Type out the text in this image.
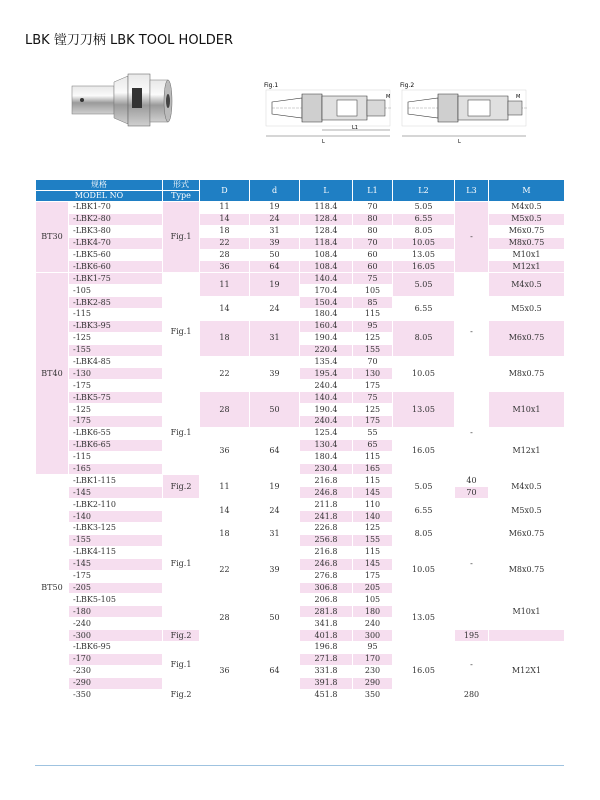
LBK 镗刀刀柄 LBK TOOL HOLDER
Fig.1
L
L1
M
Fig.2
L
M
规格		形式	D	d	L	L1	L2	L3	M
MODEL NO		Type							
BT30	-LBK1-70	Fig.1	11	19	118.4	70	5.05	-	M4x0.5
	-LBK2-80		14	24	128.4	80	6.55		M5x0.5
	-LBK3-80		18	31	128.4	80	8.05		M6x0.75
	-LBK4-70		22	39	118.4	70	10.05		M8x0.75
	-LBK5-60		28	50	108.4	60	13.05		M10x1
	-LBK6-60		36	64	108.4	60	16.05		M12x1
BT40	-LBK1-75	Fig.1	11	19	140.4	75	5.05	-	M4x0.5
	-105				170.4	105			
	-LBK2-85		14	24	150.4	85	6.55		M5x0.5
	-115				180.4	115			
	-LBK3-95		18	31	160.4	95	8.05		M6x0.75
	-125				190.4	125			
	-155				220.4	155			
	-LBK4-85		22	39	135.4	70	10.05		M8x0.75
	-130				195.4	130			
	-175				240.4	175			
	-LBK5-75	Fig.1	28	50	140.4	75	13.05	-	M10x1
	-125				190.4	125			
	-175				240.4	175			
	-LBK6-55		36	64	125.4	55	16.05		M12x1
	-LBK6-65				130.4	65			
	-115				180.4	115			
	-165				230.4	165			
BT50	-LBK1-115	Fig.2	11	19	216.8	115	5.05	40	M4x0.5
	-145				246.8	145		70	
	-LBK2-110	Fig.1	14	24	211.8	110	6.55	-	M5x0.5
	-140				241.8	140			
	-LBK3-125		18	31	226.8	125	8.05		M6x0.75
	-155				256.8	155			
	-LBK4-115		22	39	216.8	115	10.05		M8x0.75
	-145				246.8	145			
	-175				276.8	175			
	-205				306.8	205			
	-LBK5-105		28	50	206.8	105	13.05		M10x1
	-180				281.8	180			
	-240				341.8	240			
	-300	Fig.2			401.8	300		195	
	-LBK6-95	Fig.1	36	64	196.8	95	16.05	-	M12X1
	-170				271.8	170			
	-230				331.8	230			
	-290				391.8	290			
	-350	Fig.2			451.8	350		280	
